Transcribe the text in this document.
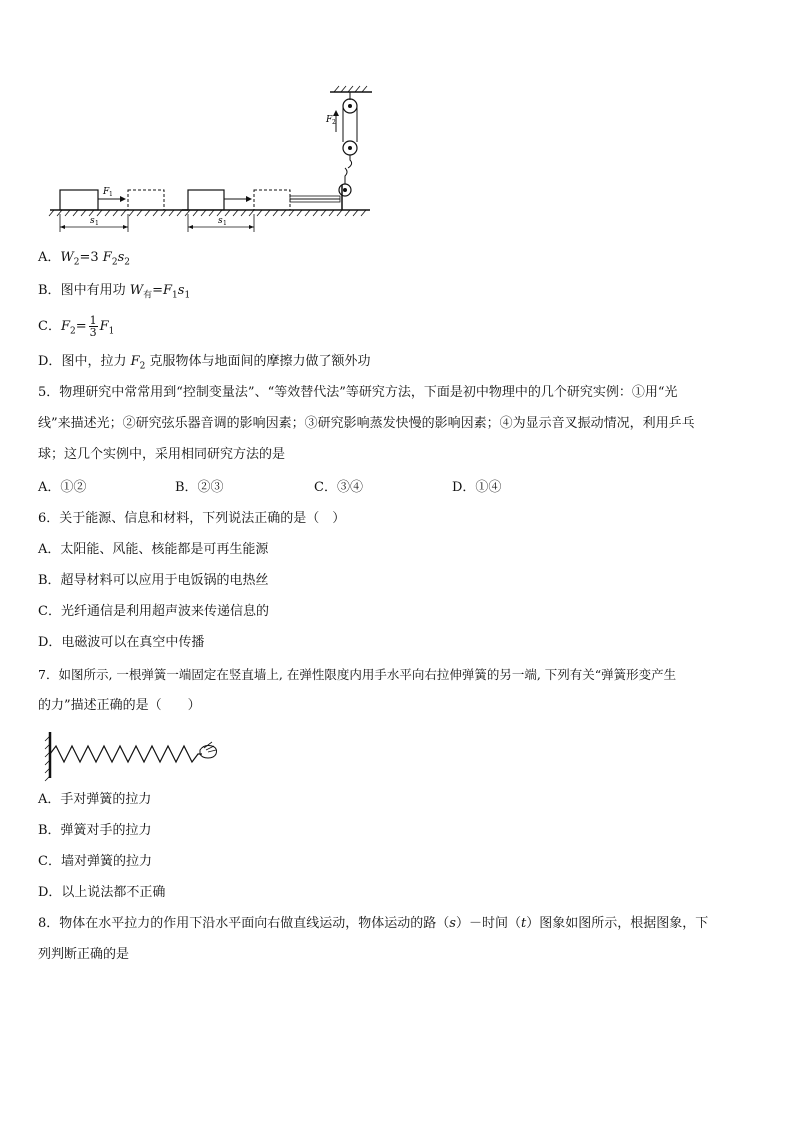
F 1
s 1	s 1
F 2
A．$W_2=3$ $F_2s_2$
B．图中有用功 $W_有=F_1s_1$
C．$F_2= \frac{1}{3} F_1$
D．图中，拉力 $F_2$ 克服物体与地面间的摩擦力做了额外功
5．物理研究中常常用到“控制变量法”、“等效替代法”等研究方法，下面是初中物理中的几个研究实例：①用“光
线”来描述光；②研究弦乐器音调的影响因素；③研究影响蒸发快慢的影响因素；④为显示音叉振动情况，利用乒乓
球；这几个实例中，采用相同研究方法的是
A．①②	B．②③	C．③④	D．①④
6．关于能源、信息和材料，下列说法正确的是（　）
A．太阳能、风能、核能都是可再生能源
B．超导材料可以应用于电饭锅的电热丝
C．光纤通信是利用超声波来传递信息的
D．电磁波可以在真空中传播
7．如图所示, 一根弹簧一端固定在竖直墙上, 在弹性限度内用手水平向右拉伸弹簧的另一端, 下列有关“弹簧形变产生
的力”描述正确的是（　　）
A．手对弹簧的拉力
B．弹簧对手的拉力
C．墙对弹簧的拉力
D．以上说法都不正确
8．物体在水平拉力的作用下沿水平面向右做直线运动，物体运动的路（s）－时间（t）图象如图所示，根据图象，下
列判断正确的是
